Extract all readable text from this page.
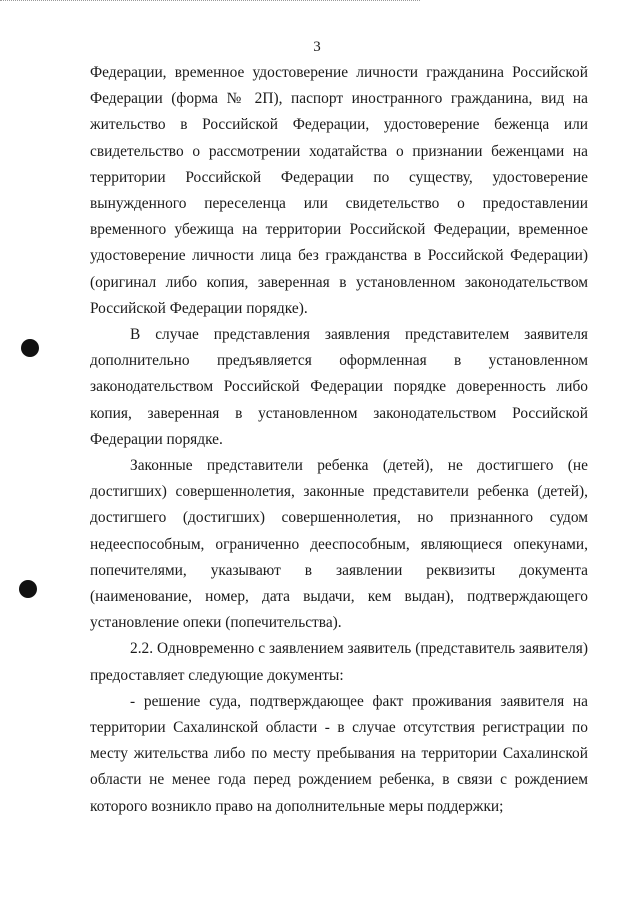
3

Федерации, временное удостоверение личности гражданина Российской Федерации (форма № 2П), паспорт иностранного гражданина, вид на жительство в Российской Федерации, удостоверение беженца или свидетельство о рассмотрении ходатайства о признании беженцами на территории Российской Федерации по существу, удостоверение вынужденного переселенца или свидетельство о предоставлении временного убежища на территории Российской Федерации, временное удостоверение личности лица без гражданства в Российской Федерации) (оригинал либо копия, заверенная в установленном законодательством Российской Федерации порядке).

В случае представления заявления представителем заявителя дополнительно предъявляется оформленная в установленном законодательством Российской Федерации порядке доверенность либо копия, заверенная в установленном законодательством Российской Федерации порядке.

Законные представители ребенка (детей), не достигшего (не достигших) совершеннолетия, законные представители ребенка (детей), достигшего (достигших) совершеннолетия, но признанного судом недееспособным, ограниченно дееспособным, являющиеся опекунами, попечителями, указывают в заявлении реквизиты документа (наименование, номер, дата выдачи, кем выдан), подтверждающего установление опеки (попечительства).

2.2. Одновременно с заявлением заявитель (представитель заявителя) предоставляет следующие документы:

- решение суда, подтверждающее факт проживания заявителя на территории Сахалинской области - в случае отсутствия регистрации по месту жительства либо по месту пребывания на территории Сахалинской области не менее года перед рождением ребенка, в связи с рождением которого возникло право на дополнительные меры поддержки;
